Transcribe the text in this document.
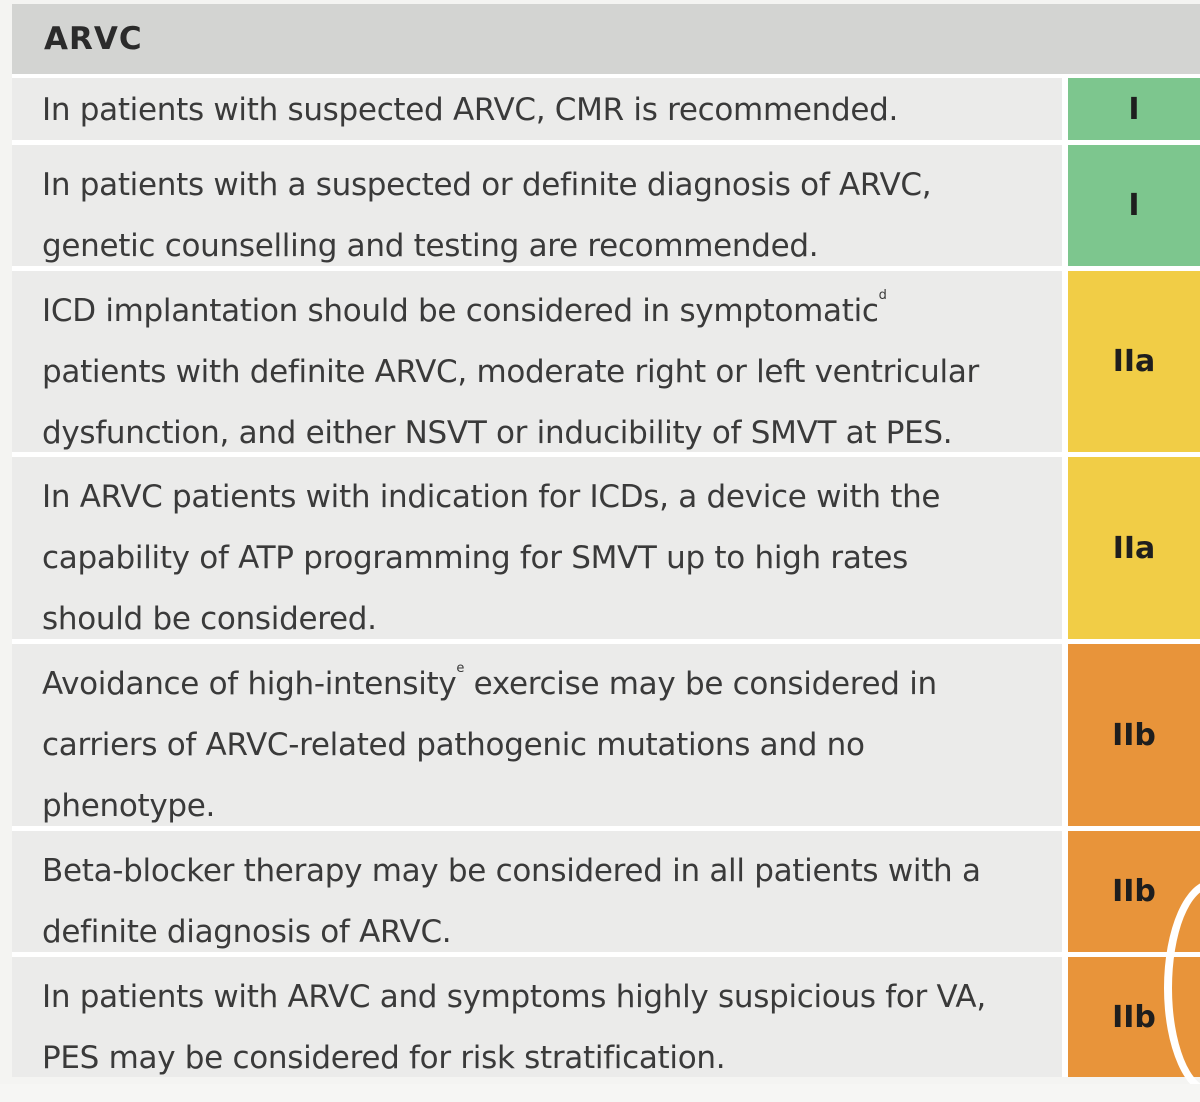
ARVC
In patients with suspected ARVC, CMR is recommended.	I
In patients with a suspected or definite diagnosis of ARVC,
genetic counselling and testing are recommended.
I
ICD implantation should be considered in symptomatic$^d$
patients with definite ARVC, moderate right or left ventricular
dysfunction, and either NSVT or inducibility of SMVT at PES.
IIa
In ARVC patients with indication for ICDs, a device with the
capability of ATP programming for SMVT up to high rates
should be considered.
IIa
Avoidance of high-intensity$^e$ exercise may be considered in
carriers of ARVC-related pathogenic mutations and no
phenotype.
IIb
Beta-blocker therapy may be considered in all patients with a
definite diagnosis of ARVC.
IIb
In patients with ARVC and symptoms highly suspicious for VA,
PES may be considered for risk stratification.
IIb
